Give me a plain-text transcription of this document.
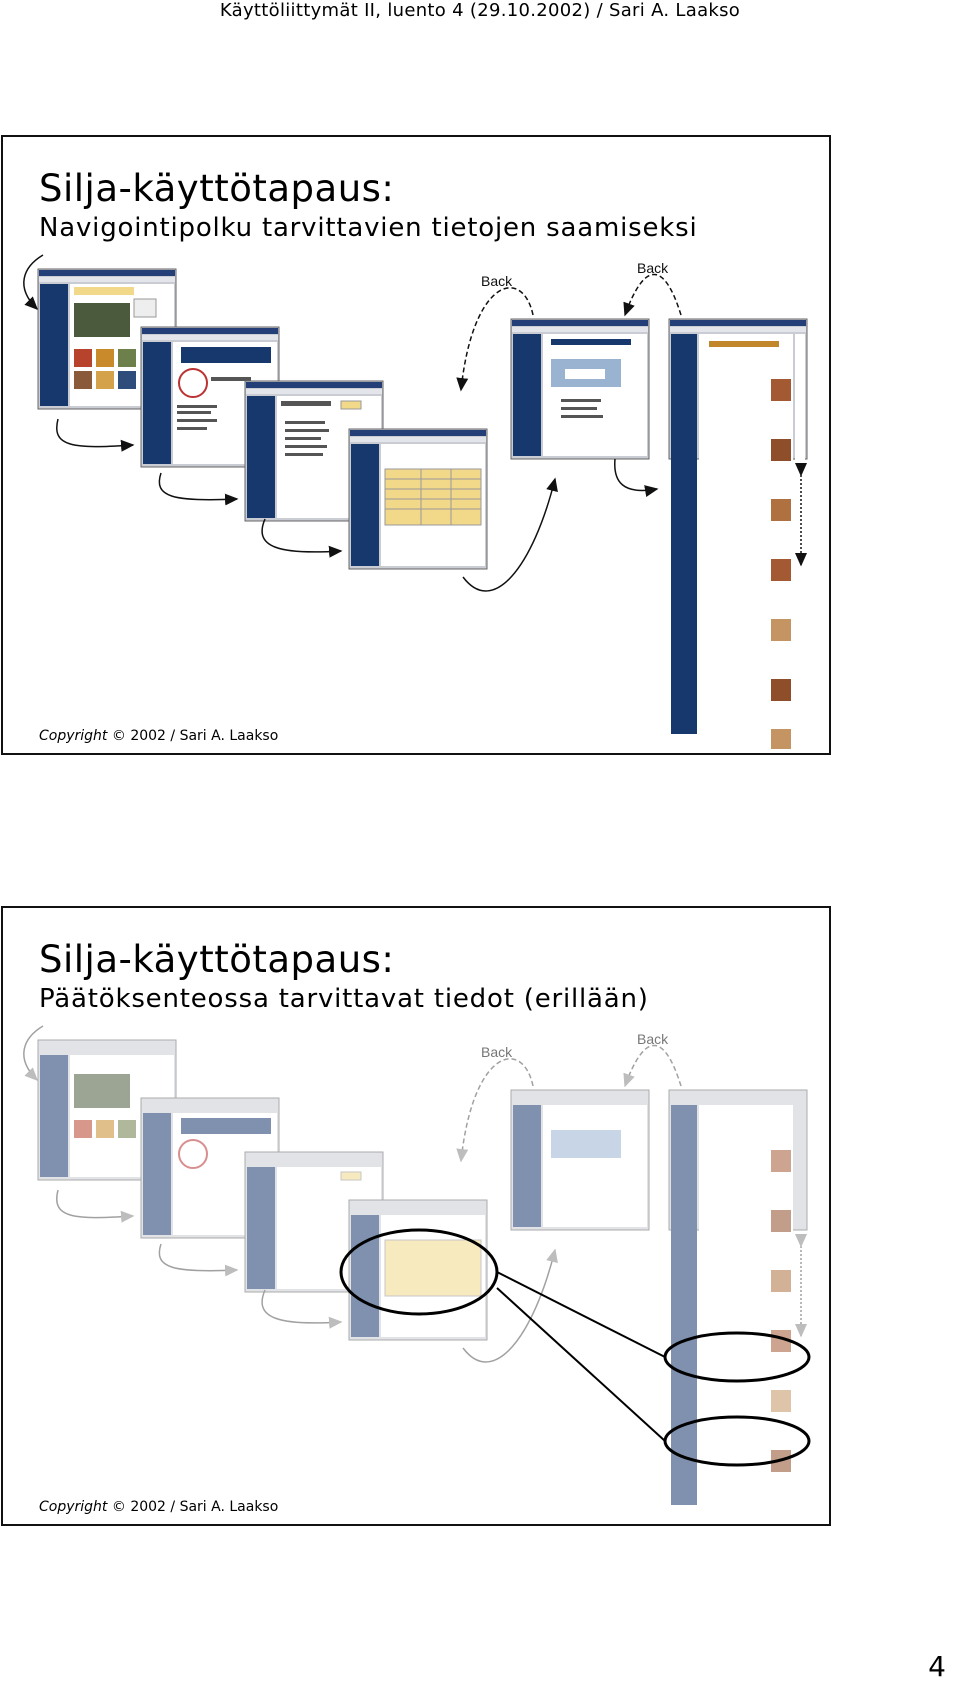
Käyttöliittymät II, luento 4 (29.10.2002) / Sari A. Laakso
Silja-käyttötapaus:
Navigointipolku tarvittavien tietojen saamiseksi
Back
Back
Copyright © 2002 / Sari A. Laakso
Silja-käyttötapaus:
Päätöksenteossa tarvittavat tiedot (erillään)
Back
Back
Copyright © 2002 / Sari A. Laakso
4
